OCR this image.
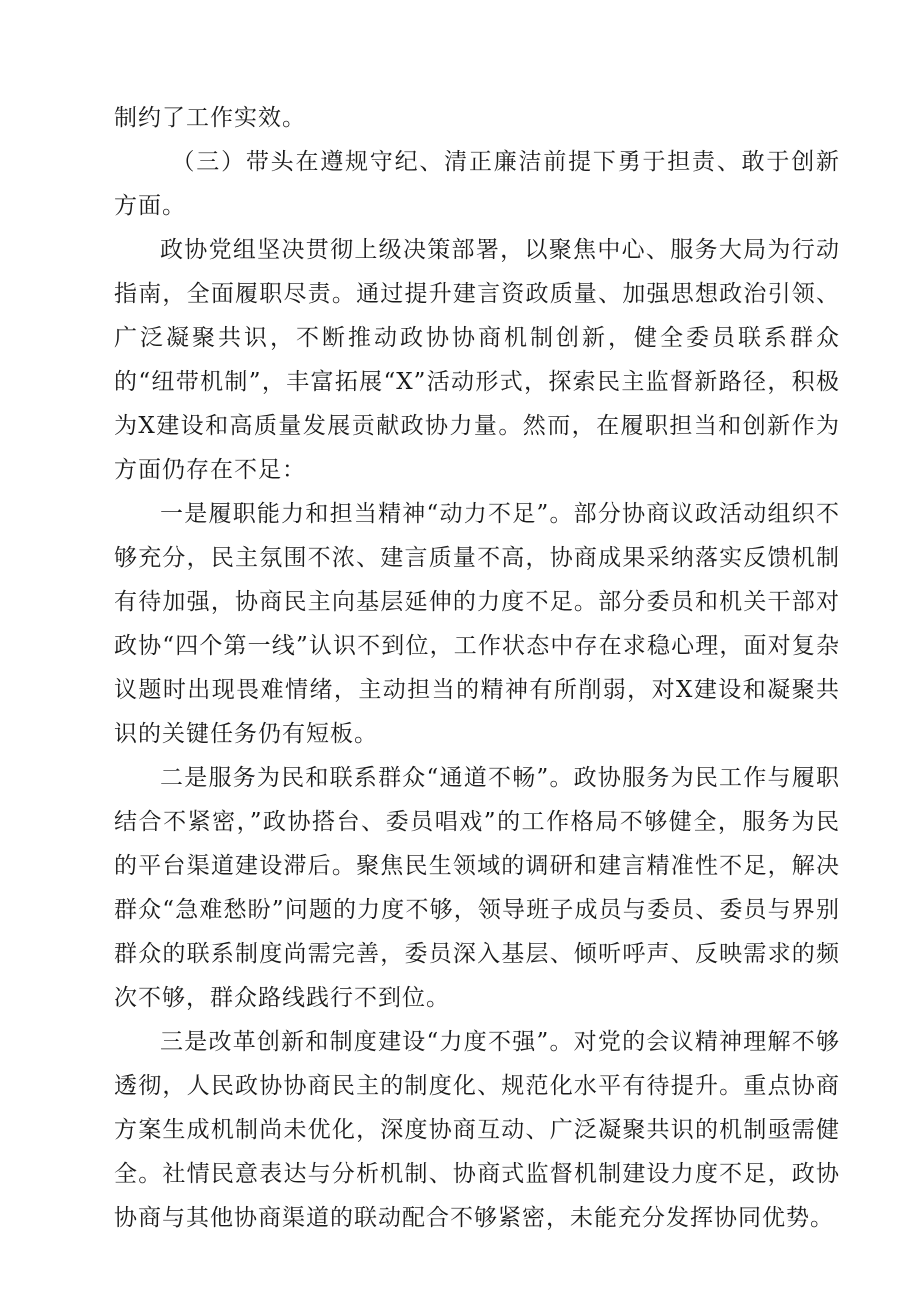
制约了工作实效。

（三）带头在遵规守纪、清正廉洁前提下勇于担责、敢于创新方面。

政协党组坚决贯彻上级决策部署，以聚焦中心、服务大局为行动指南，全面履职尽责。通过提升建言资政质量、加强思想政治引领、广泛凝聚共识，不断推动政协协商机制创新，健全委员联系群众的“纽带机制”，丰富拓展“X”活动形式，探索民主监督新路径，积极为X建设和高质量发展贡献政协力量。然而，在履职担当和创新作为方面仍存在不足：

一是履职能力和担当精神“动力不足”。部分协商议政活动组织不够充分，民主氛围不浓、建言质量不高，协商成果采纳落实反馈机制有待加强，协商民主向基层延伸的力度不足。部分委员和机关干部对政协“四个第一线”认识不到位，工作状态中存在求稳心理，面对复杂议题时出现畏难情绪，主动担当的精神有所削弱，对X建设和凝聚共识的关键任务仍有短板。

二是服务为民和联系群众“通道不畅”。政协服务为民工作与履职结合不紧密，”政协搭台、委员唱戏”的工作格局不够健全，服务为民的平台渠道建设滞后。聚焦民生领域的调研和建言精准性不足，解决群众“急难愁盼”问题的力度不够，领导班子成员与委员、委员与界别群众的联系制度尚需完善，委员深入基层、倾听呼声、反映需求的频次不够，群众路线践行不到位。

三是改革创新和制度建设“力度不强”。对党的会议精神理解不够透彻，人民政协协商民主的制度化、规范化水平有待提升。重点协商方案生成机制尚未优化，深度协商互动、广泛凝聚共识的机制亟需健全。社情民意表达与分析机制、协商式监督机制建设力度不足，政协协商与其他协商渠道的联动配合不够紧密，未能充分发挥协同优势。
